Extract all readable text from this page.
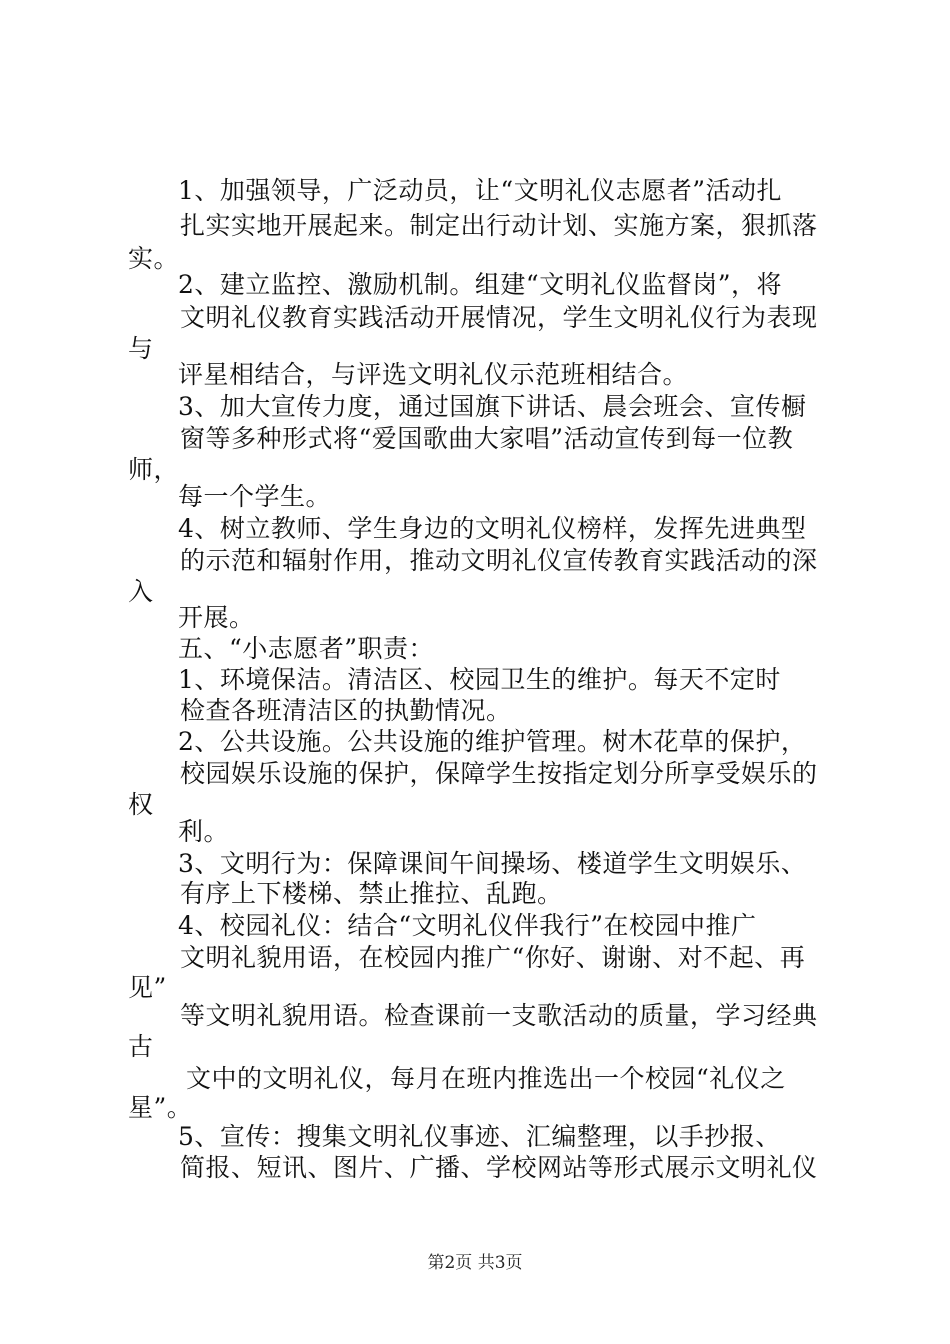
1、加强领导，广泛动员，让“文明礼仪志愿者”活动扎
扎实实地开展起来。制定出行动计划、实施方案，狠抓落
实。
2、建立监控、激励机制。组建“文明礼仪监督岗”，将
文明礼仪教育实践活动开展情况，学生文明礼仪行为表现
与
评星相结合，与评选文明礼仪示范班相结合。
3、加大宣传力度，通过国旗下讲话、晨会班会、宣传橱
窗等多种形式将“爱国歌曲大家唱”活动宣传到每一位教
师，
每一个学生。
4、树立教师、学生身边的文明礼仪榜样，发挥先进典型
的示范和辐射作用，推动文明礼仪宣传教育实践活动的深
入
开展。
五、“小志愿者”职责：
1、环境保洁。清洁区、校园卫生的维护。每天不定时
检查各班清洁区的执勤情况。
2、公共设施。公共设施的维护管理。树木花草的保护，
校园娱乐设施的保护，保障学生按指定划分所享受娱乐的
权
利。
3、文明行为：保障课间午间操场、楼道学生文明娱乐、
有序上下楼梯、禁止推拉、乱跑。
4、校园礼仪：结合“文明礼仪伴我行”在校园中推广
文明礼貌用语，在校园内推广“你好、谢谢、对不起、再
见”
等文明礼貌用语。检查课前一支歌活动的质量，学习经典
古
文中的文明礼仪，每月在班内推选出一个校园“礼仪之
星”。
5、宣传：搜集文明礼仪事迹、汇编整理，以手抄报、
简报、短讯、图片、广播、学校网站等形式展示文明礼仪
第2页 共3页
